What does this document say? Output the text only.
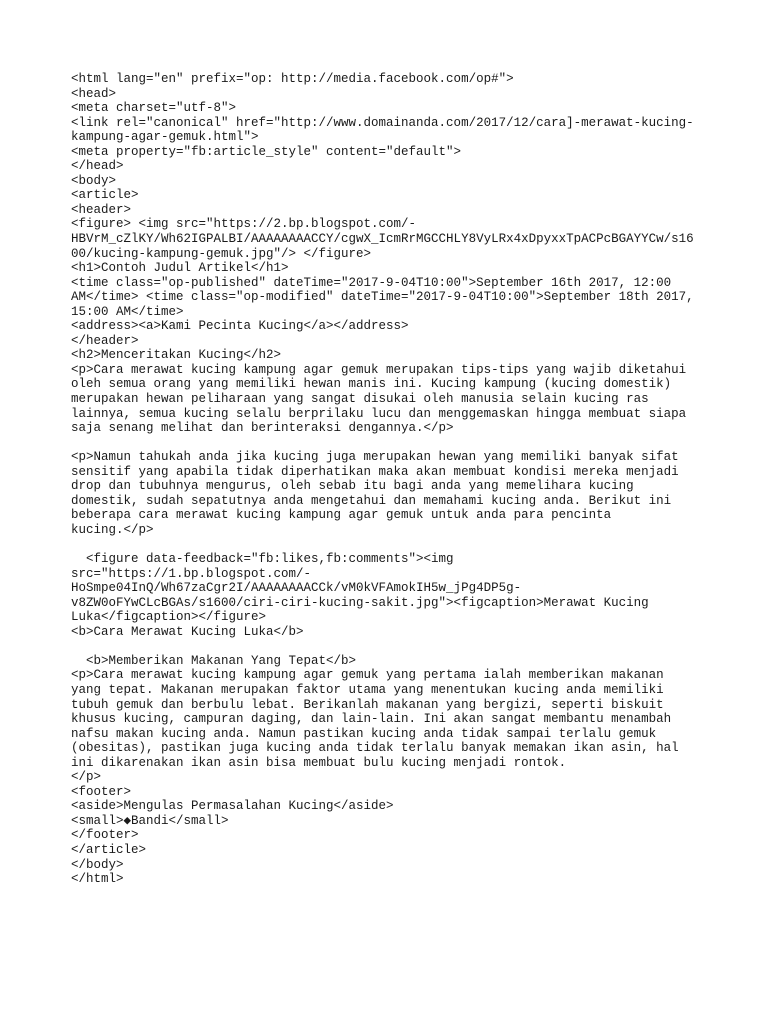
<html lang="en" prefix="op: http://media.facebook.com/op#">
<head>
<meta charset="utf-8">
<link rel="canonical" href="http://www.domainanda.com/2017/12/cara]-merawat-kucing-
kampung-agar-gemuk.html">
<meta property="fb:article_style" content="default">
</head>
<body>
<article>
<header>
<figure> <img src="https://2.bp.blogspot.com/-
HBVrM_cZlKY/Wh62IGPALBI/AAAAAAAACCY/cgwX_IcmRrMGCCHLY8VyLRx4xDpyxxTpACPcBGAYYCw/s16
00/kucing-kampung-gemuk.jpg"/> </figure>
<h1>Contoh Judul Artikel</h1>
<time class="op-published" dateTime="2017-9-04T10:00">September 16th 2017, 12:00
AM</time> <time class="op-modified" dateTime="2017-9-04T10:00">September 18th 2017,
15:00 AM</time>
<address><a>Kami Pecinta Kucing</a></address>
</header>
<h2>Menceritakan Kucing</h2>
<p>Cara merawat kucing kampung agar gemuk merupakan tips-tips yang wajib diketahui
oleh semua orang yang memiliki hewan manis ini. Kucing kampung (kucing domestik)
merupakan hewan peliharaan yang sangat disukai oleh manusia selain kucing ras
lainnya, semua kucing selalu berprilaku lucu dan menggemaskan hingga membuat siapa
saja senang melihat dan berinteraksi dengannya.</p>
<p>Namun tahukah anda jika kucing juga merupakan hewan yang memiliki banyak sifat
sensitif yang apabila tidak diperhatikan maka akan membuat kondisi mereka menjadi
drop dan tubuhnya mengurus, oleh sebab itu bagi anda yang memelihara kucing
domestik, sudah sepatutnya anda mengetahui dan memahami kucing anda. Berikut ini
beberapa cara merawat kucing kampung agar gemuk untuk anda para pencinta
kucing.</p>
<figure data-feedback="fb:likes,fb:comments"><img
src="https://1.bp.blogspot.com/-
HoSmpe04InQ/Wh67zaCgr2I/AAAAAAAACCk/vM0kVFAmokIH5w_jPg4DP5g-
v8ZW0oFYwCLcBGAs/s1600/ciri-ciri-kucing-sakit.jpg"><figcaption>Merawat Kucing
Luka</figcaption></figure>
<b>Cara Merawat Kucing Luka</b>
<b>Memberikan Makanan Yang Tepat</b>
<p>Cara merawat kucing kampung agar gemuk yang pertama ialah memberikan makanan
yang tepat. Makanan merupakan faktor utama yang menentukan kucing anda memiliki
tubuh gemuk dan berbulu lebat. Berikanlah makanan yang bergizi, seperti biskuit
khusus kucing, campuran daging, dan lain-lain. Ini akan sangat membantu menambah
nafsu makan kucing anda. Namun pastikan kucing anda tidak sampai terlalu gemuk
(obesitas), pastikan juga kucing anda tidak terlalu banyak memakan ikan asin, hal
ini dikarenakan ikan asin bisa membuat bulu kucing menjadi rontok.
</p>
<footer>
<aside>Mengulas Permasalahan Kucing</aside>
<small>◆Bandi</small>
</footer>
</article>
</body>
</html>
